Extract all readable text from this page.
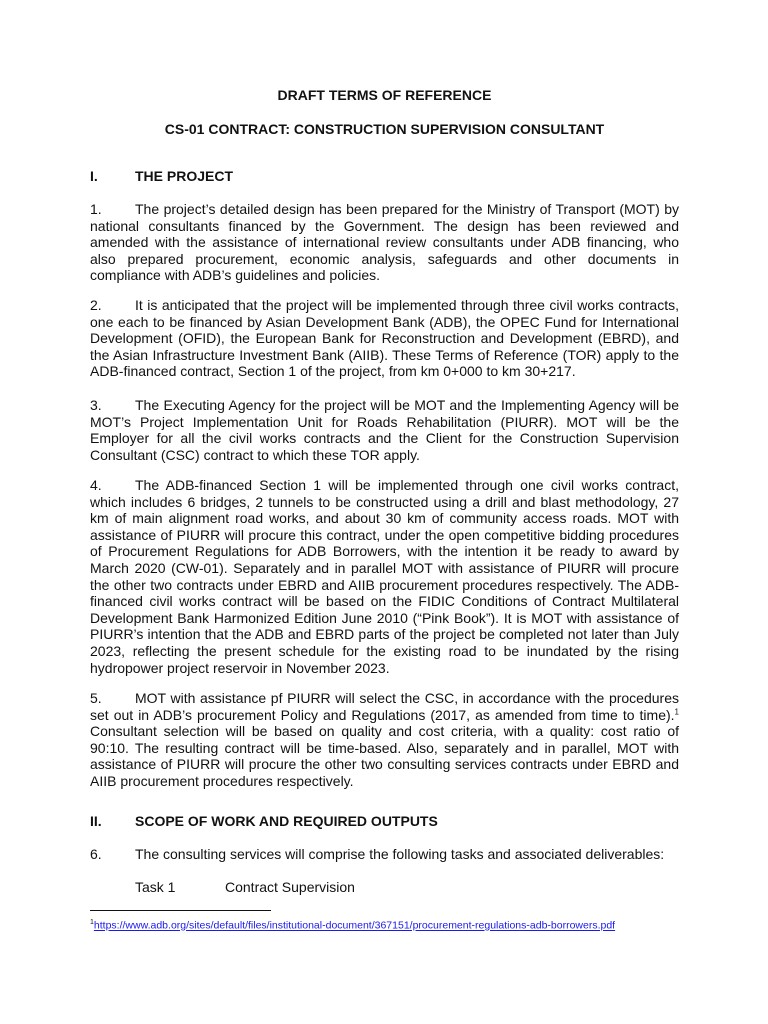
DRAFT TERMS OF REFERENCE
CS-01 CONTRACT: CONSTRUCTION SUPERVISION CONSULTANT
I.	THE PROJECT
1. The project’s detailed design has been prepared for the Ministry of Transport (MOT) by national consultants financed by the Government. The design has been reviewed and amended with the assistance of international review consultants under ADB financing, who also prepared procurement, economic analysis, safeguards and other documents in compliance with ADB’s guidelines and policies.
2. It is anticipated that the project will be implemented through three civil works contracts, one each to be financed by Asian Development Bank (ADB), the OPEC Fund for International Development (OFID), the European Bank for Reconstruction and Development (EBRD), and the Asian Infrastructure Investment Bank (AIIB). These Terms of Reference (TOR) apply to the ADB-financed contract, Section 1 of the project, from km 0+000 to km 30+217.
3. The Executing Agency for the project will be MOT and the Implementing Agency will be MOT’s Project Implementation Unit for Roads Rehabilitation (PIURR). MOT will be the Employer for all the civil works contracts and the Client for the Construction Supervision Consultant (CSC) contract to which these TOR apply.
4. The ADB-financed Section 1 will be implemented through one civil works contract, which includes 6 bridges, 2 tunnels to be constructed using a drill and blast methodology, 27 km of main alignment road works, and about 30 km of community access roads. MOT with assistance of PIURR will procure this contract, under the open competitive bidding procedures of Procurement Regulations for ADB Borrowers, with the intention it be ready to award by March 2020 (CW-01). Separately and in parallel MOT with assistance of PIURR will procure the other two contracts under EBRD and AIIB procurement procedures respectively. The ADB-financed civil works contract will be based on the FIDIC Conditions of Contract Multilateral Development Bank Harmonized Edition June 2010 (“Pink Book”). It is MOT with assistance of PIURR’s intention that the ADB and EBRD parts of the project be completed not later than July 2023, reflecting the present schedule for the existing road to be inundated by the rising hydropower project reservoir in November 2023.
5. MOT with assistance pf PIURR will select the CSC, in accordance with the procedures set out in ADB’s procurement Policy and Regulations (2017, as amended from time to time).$^1$ Consultant selection will be based on quality and cost criteria, with a quality: cost ratio of 90:10. The resulting contract will be time-based. Also, separately and in parallel, MOT with assistance of PIURR will procure the other two consulting services contracts under EBRD and AIIB procurement procedures respectively.
II. SCOPE OF WORK AND REQUIRED OUTPUTS
6. The consulting services will comprise the following tasks and associated deliverables:
Task 1	Contract Supervision
$^1$https://www.adb.org/sites/default/files/institutional-document/367151/procurement-regulations-adb-borrowers.pdf
